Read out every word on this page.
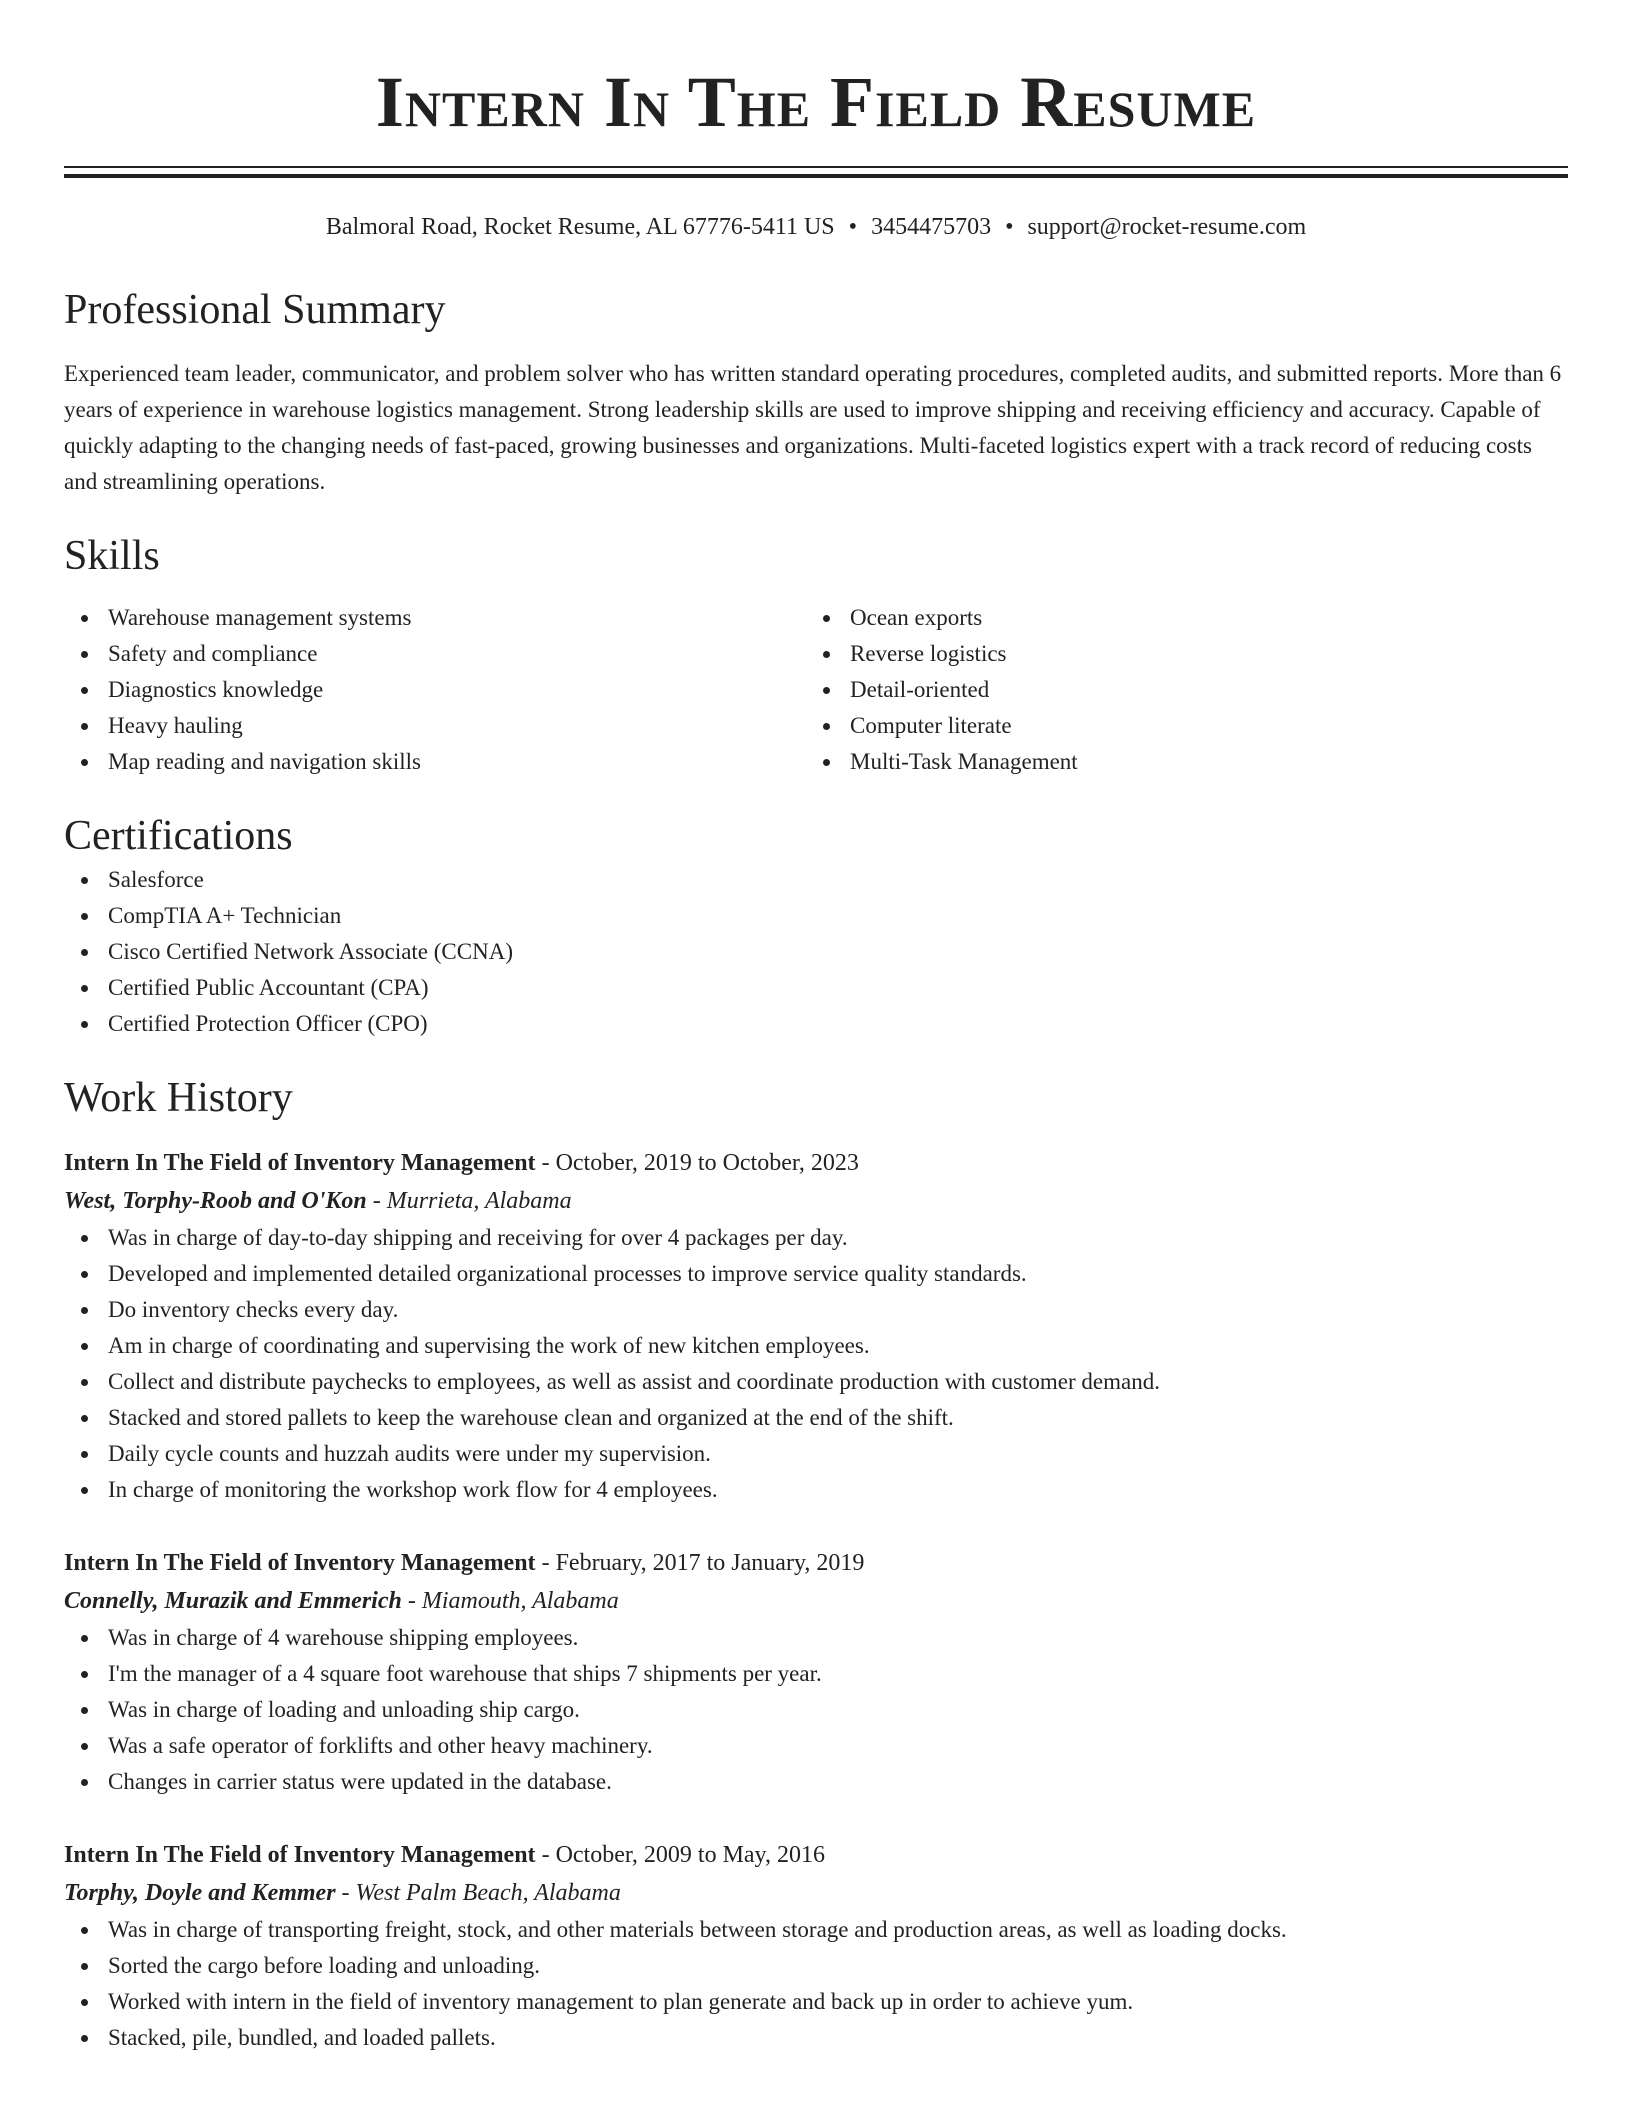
Intern In The Field Resume
Balmoral Road, Rocket Resume, AL 67776-5411 US • 3454475703 • support@rocket-resume.com
Professional Summary
Experienced team leader, communicator, and problem solver who has written standard operating procedures, completed audits, and submitted reports. More than 6 years of experience in warehouse logistics management. Strong leadership skills are used to improve shipping and receiving efficiency and accuracy. Capable of quickly adapting to the changing needs of fast-paced, growing businesses and organizations. Multi-faceted logistics expert with a track record of reducing costs and streamlining operations.
Skills
Warehouse management systems
Safety and compliance
Diagnostics knowledge
Heavy hauling
Map reading and navigation skills
Ocean exports
Reverse logistics
Detail-oriented
Computer literate
Multi-Task Management
Certifications
Salesforce
CompTIA A+ Technician
Cisco Certified Network Associate (CCNA)
Certified Public Accountant (CPA)
Certified Protection Officer (CPO)
Work History
Intern In The Field of Inventory Management - October, 2019 to October, 2023
West, Torphy-Roob and O'Kon - Murrieta, Alabama
Was in charge of day-to-day shipping and receiving for over 4 packages per day.
Developed and implemented detailed organizational processes to improve service quality standards.
Do inventory checks every day.
Am in charge of coordinating and supervising the work of new kitchen employees.
Collect and distribute paychecks to employees, as well as assist and coordinate production with customer demand.
Stacked and stored pallets to keep the warehouse clean and organized at the end of the shift.
Daily cycle counts and huzzah audits were under my supervision.
In charge of monitoring the workshop work flow for 4 employees.
Intern In The Field of Inventory Management - February, 2017 to January, 2019
Connelly, Murazik and Emmerich - Miamouth, Alabama
Was in charge of 4 warehouse shipping employees.
I'm the manager of a 4 square foot warehouse that ships 7 shipments per year.
Was in charge of loading and unloading ship cargo.
Was a safe operator of forklifts and other heavy machinery.
Changes in carrier status were updated in the database.
Intern In The Field of Inventory Management - October, 2009 to May, 2016
Torphy, Doyle and Kemmer - West Palm Beach, Alabama
Was in charge of transporting freight, stock, and other materials between storage and production areas, as well as loading docks.
Sorted the cargo before loading and unloading.
Worked with intern in the field of inventory management to plan generate and back up in order to achieve yum.
Stacked, pile, bundled, and loaded pallets.
